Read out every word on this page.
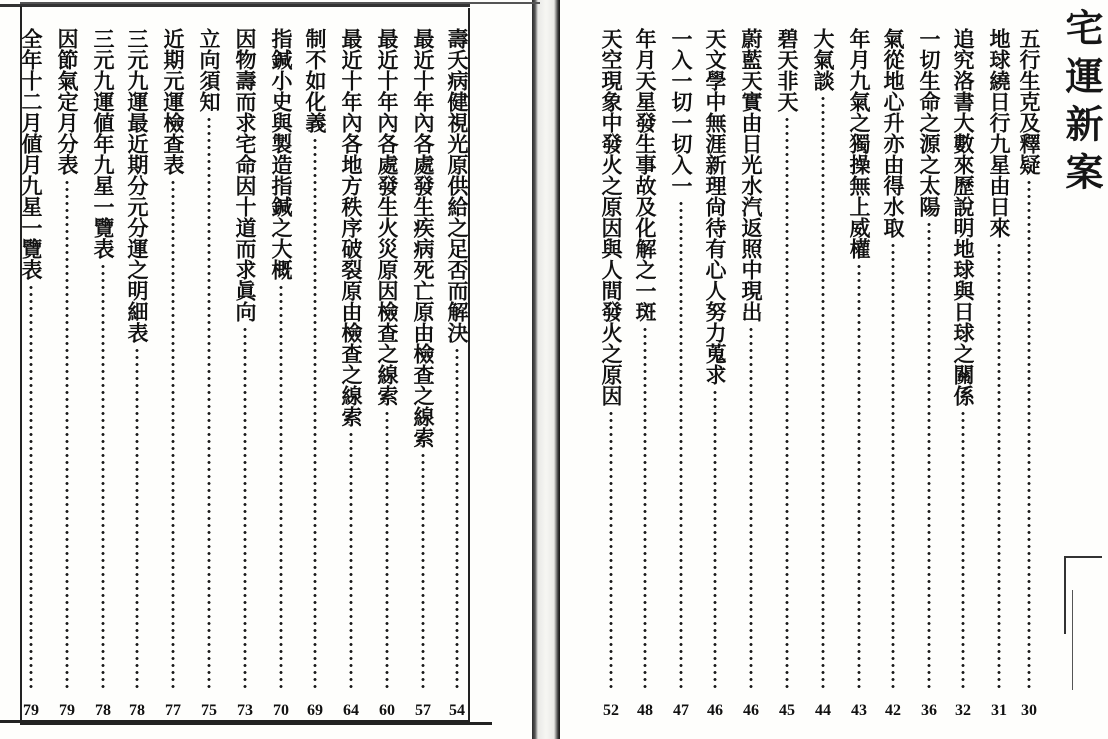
宅運新案
壽夭病健視光原供給之足否而解決
54
最近十年內各處發生疾病死亡原由檢查之線索
57
最近十年內各處發生火災原因檢查之線索
60
最近十年內各地方秩序破裂原由檢查之線索
64
制不如化義
69
指鍼小史與製造指鍼之大概
70
因物壽而求宅命因十道而求眞向
73
立向須知
75
近期元運檢查表
77
三元九運最近期分元分運之明細表
78
三元九運値年九星一覽表
78
因節氣定月分表
79
全年十二月値月九星一覽表
79
五行生克及釋疑
30
地球繞日行九星由日來
31
追究洛書大數來歷說明地球與日球之關係
32
一切生命之源之太陽
36
氣從地心升亦由得水取
42
年月九氣之獨操無上威權
43
大氣談
44
碧天非天
45
蔚藍天實由日光水汽返照中現出
46
天文學中無涯新理尙待有心人努力蒐求
46
一入一切一切入一
47
年月天星發生事故及化解之一斑
48
天空現象中發火之原因與人間發火之原因
52
